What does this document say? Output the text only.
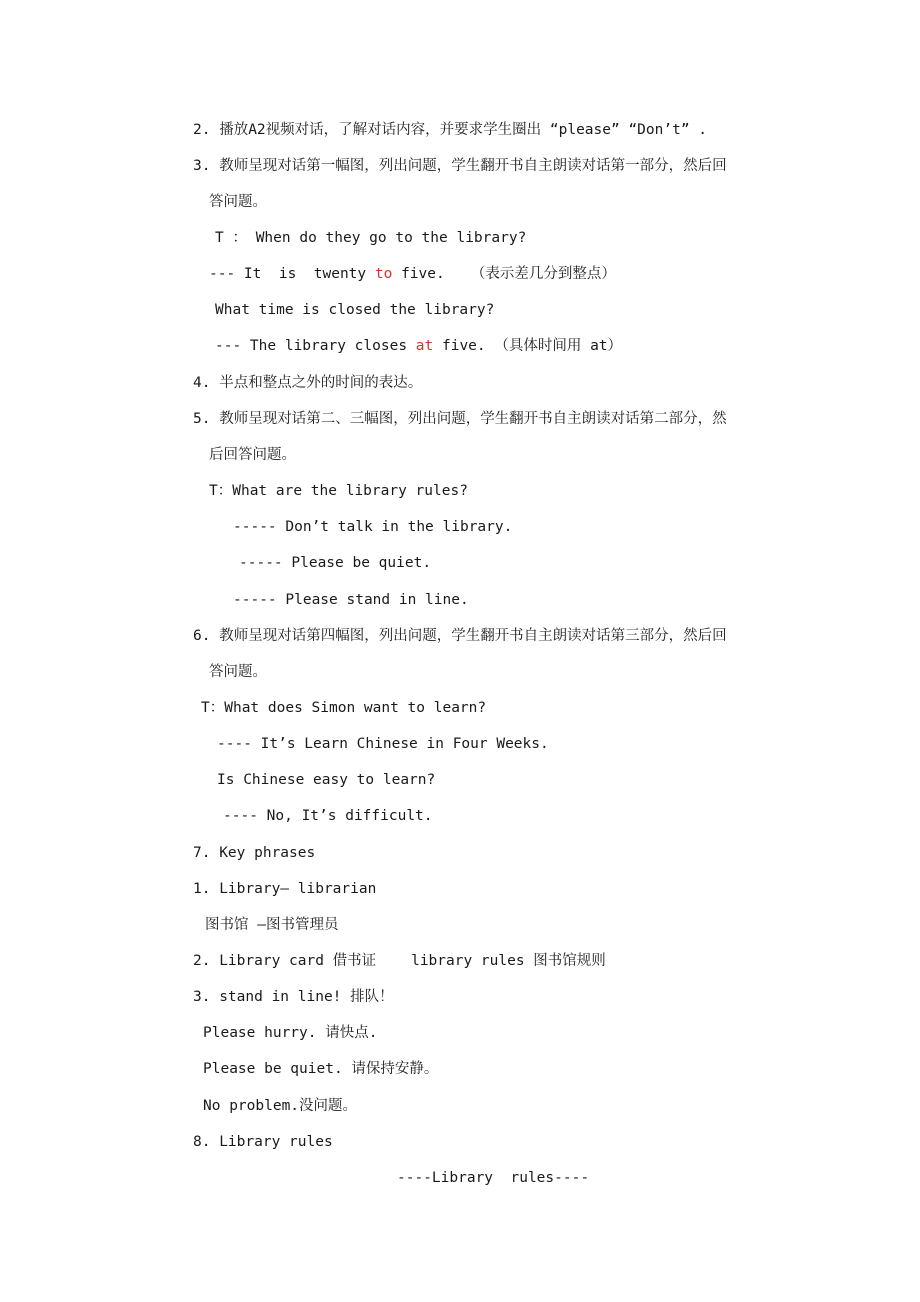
2. 播放A2视频对话，了解对话内容，并要求学生圈出 “please” “Don’t” .
3. 教师呈现对话第一幅图，列出问题，学生翻开书自主朗读对话第一部分，然后回
答问题。
T ： When do they go to the library?
--- It  is  twenty to five.   （表示差几分到整点）
What time is closed the library?
--- The library closes at five. （具体时间用 at）
4. 半点和整点之外的时间的表达。
5. 教师呈现对话第二、三幅图，列出问题，学生翻开书自主朗读对话第二部分，然
后回答问题。
T：What are the library rules?
----- Don’t talk in the library.
----- Please be quiet.
----- Please stand in line.
6. 教师呈现对话第四幅图，列出问题，学生翻开书自主朗读对话第三部分，然后回
答问题。
T：What does Simon want to learn?
---- It’s Learn Chinese in Four Weeks.
Is Chinese easy to learn?
---- No, It’s difficult.
7. Key phrases
1. Library— librarian
图书馆 —图书管理员
2. Library card 借书证    library rules 图书馆规则
3. stand in line! 排队！
Please hurry. 请快点.
Please be quiet. 请保持安静。
No problem.没问题。
8. Library rules
----Library  rules----
